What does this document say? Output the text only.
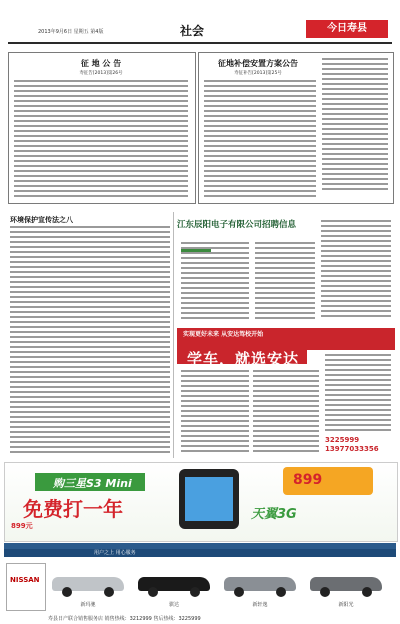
2013年9月6日 星期五 第4版	社会	今日寿县
征 地 公 告
寿征告[2013]第26号
征地补偿安置方案公告
寿征补告[2013]第25号
环境保护宣传法之八	江东辰阳电子有限公司招聘信息
实现更好未来 从安达驾校开始
学车，就选安达
3225999
13977033356
购三星S3 Mini
免费打一年
899元
899
天翼3G
用户之上 用心服务
NISSAN
新玛驰	骐达	新轩逸	新阳光
寿县日产联合销售服务店 销售热线：3212999 售后热线：3225999
